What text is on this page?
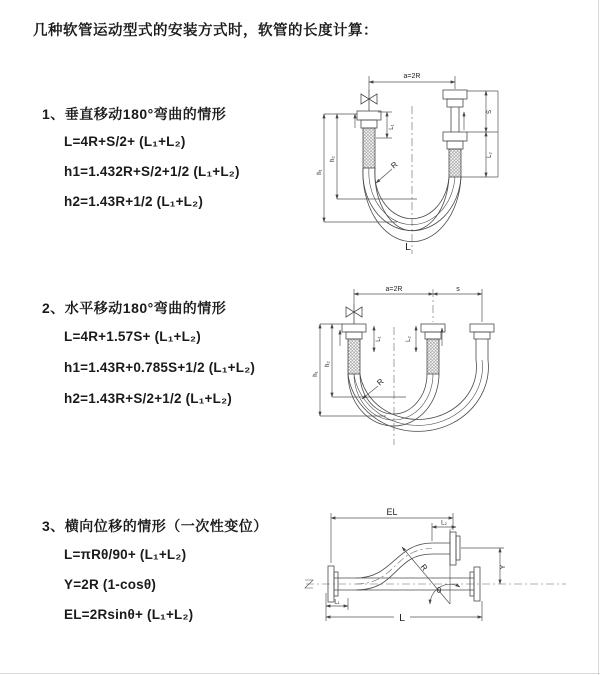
几种软管运动型式的安装方式时，软管的长度计算：
1、垂直移动180°弯曲的情形
L=4R+S/2+ (L₁+L₂)
h1=1.432R+S/2+1/2 (L₁+L₂)
h2=1.43R+1/2 (L₁+L₂)
a=2R
L₁
h₁
h₂
S
L₂
R
L
2、水平移动180°弯曲的情形
L=4R+1.57S+ (L₁+L₂)
h1=1.43R+0.785S+1/2 (L₁+L₂)
h2=1.43R+S/2+1/2 (L₁+L₂)
a=2R	s
L₁	L₂
h₁
h₂
R
3、横向位移的情形（一次性变位）
L=πRθ/90+ (L₁+L₂)
Y=2R (1-cosθ)
EL=2Rsinθ+ (L₁+L₂)
EL
L₂
Y
R
θ
L₁
L
